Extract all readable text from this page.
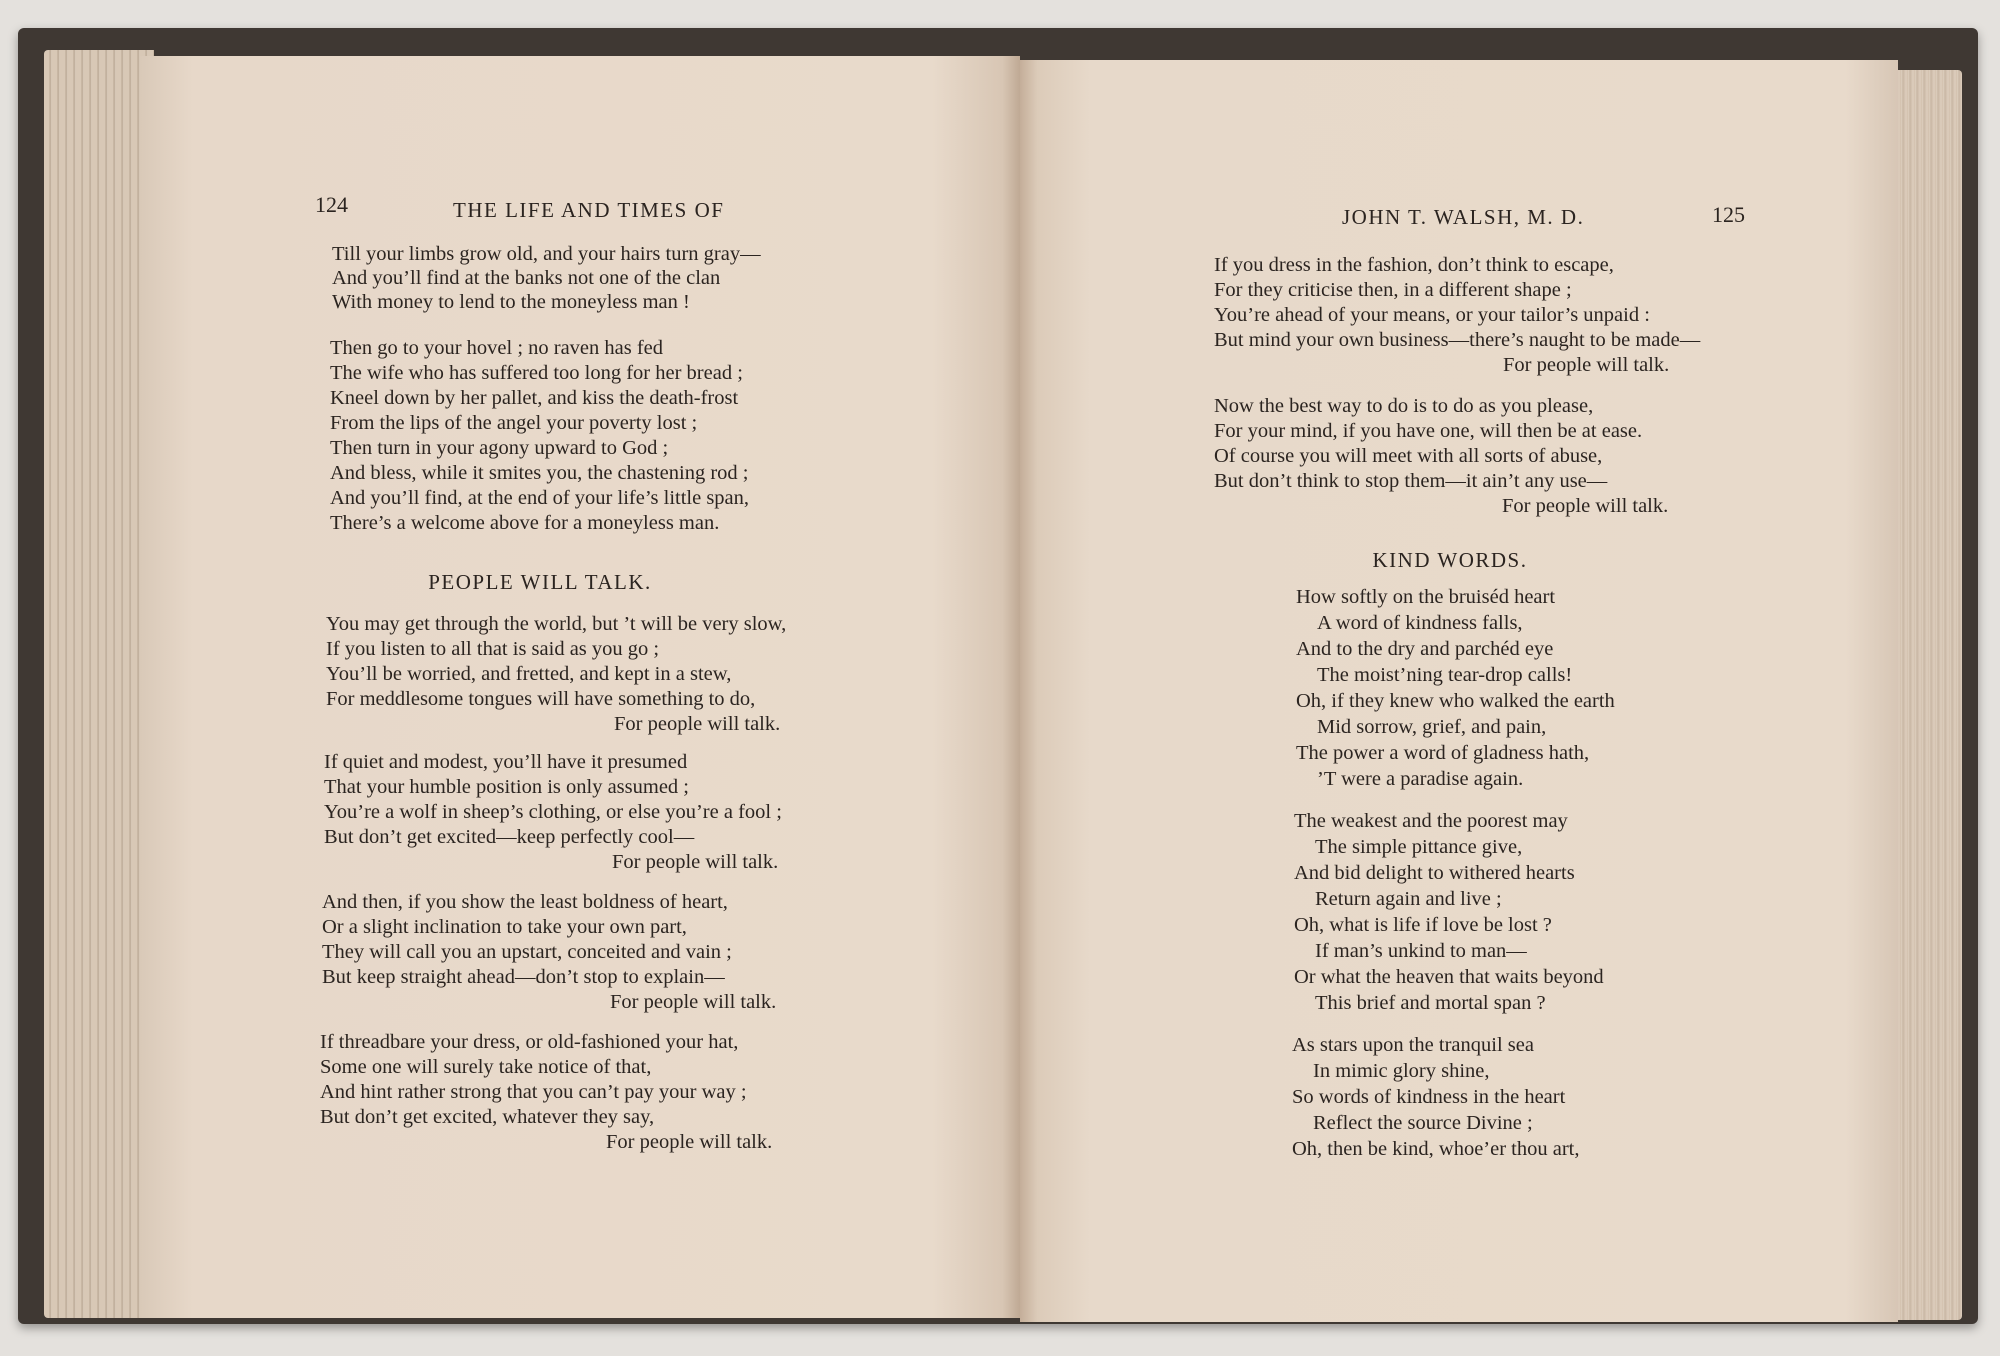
124	THE LIFE AND TIMES OF
Till your limbs grow old, and your hairs turn gray—
And you’ll find at the banks not one of the clan
With money to lend to the moneyless man !
Then go to your hovel ; no raven has fed
The wife who has suffered too long for her bread ;
Kneel down by her pallet, and kiss the death-frost
From the lips of the angel your poverty lost ;
Then turn in your agony upward to God ;
And bless, while it smites you, the chastening rod ;
And you’ll find, at the end of your life’s little span,
There’s a welcome above for a moneyless man.
PEOPLE WILL TALK.
You may get through the world, but ’t will be very slow,
If you listen to all that is said as you go ;
You’ll be worried, and fretted, and kept in a stew,
For meddlesome tongues will have something to do,
For people will talk.
If quiet and modest, you’ll have it presumed
That your humble position is only assumed ;
You’re a wolf in sheep’s clothing, or else you’re a fool ;
But don’t get excited—keep perfectly cool—
For people will talk.
And then, if you show the least boldness of heart,
Or a slight inclination to take your own part,
They will call you an upstart, conceited and vain ;
But keep straight ahead—don’t stop to explain—
For people will talk.
If threadbare your dress, or old-fashioned your hat,
Some one will surely take notice of that,
And hint rather strong that you can’t pay your way ;
But don’t get excited, whatever they say,
For people will talk.
JOHN T. WALSH, M. D.	125
If you dress in the fashion, don’t think to escape,
For they criticise then, in a different shape ;
You’re ahead of your means, or your tailor’s unpaid :
But mind your own business—there’s naught to be made—
For people will talk.
Now the best way to do is to do as you please,
For your mind, if you have one, will then be at ease.
Of course you will meet with all sorts of abuse,
But don’t think to stop them—it ain’t any use—
For people will talk.
KIND WORDS.
How softly on the bruiséd heart
A word of kindness falls,
And to the dry and parchéd eye
The moist’ning tear-drop calls!
Oh, if they knew who walked the earth
Mid sorrow, grief, and pain,
The power a word of gladness hath,
’T were a paradise again.
The weakest and the poorest may
The simple pittance give,
And bid delight to withered hearts
Return again and live ;
Oh, what is life if love be lost ?
If man’s unkind to man—
Or what the heaven that waits beyond
This brief and mortal span ?
As stars upon the tranquil sea
In mimic glory shine,
So words of kindness in the heart
Reflect the source Divine ;
Oh, then be kind, whoe’er thou art,
